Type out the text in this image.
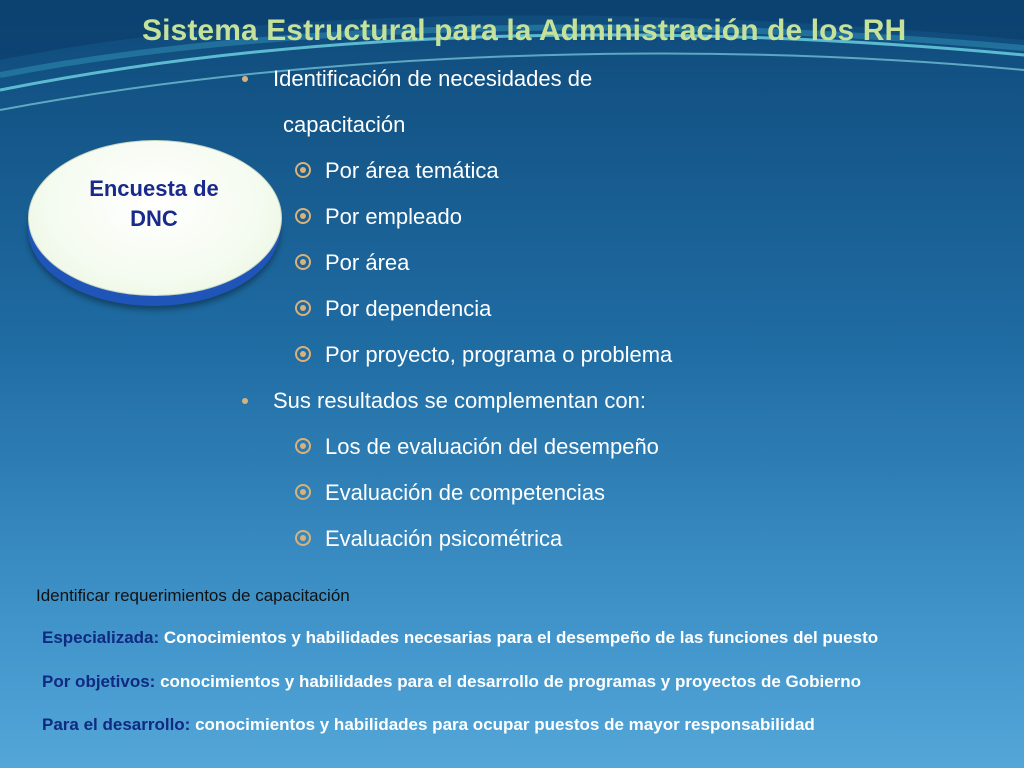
Sistema Estructural para la Administración de los RH
Encuesta de
DNC
Identificación de necesidades de
capacitación
Por área temática
Por empleado
Por área
Por dependencia
Por proyecto, programa o problema
Sus resultados se complementan con:
Los de evaluación del desempeño
Evaluación de competencias
Evaluación psicométrica
Identificar requerimientos de capacitación
Especializada: Conocimientos y habilidades necesarias para el desempeño de las funciones del puesto
Por objetivos: conocimientos y habilidades para el desarrollo de programas y proyectos de Gobierno
Para el desarrollo: conocimientos y habilidades para ocupar puestos de mayor responsabilidad
